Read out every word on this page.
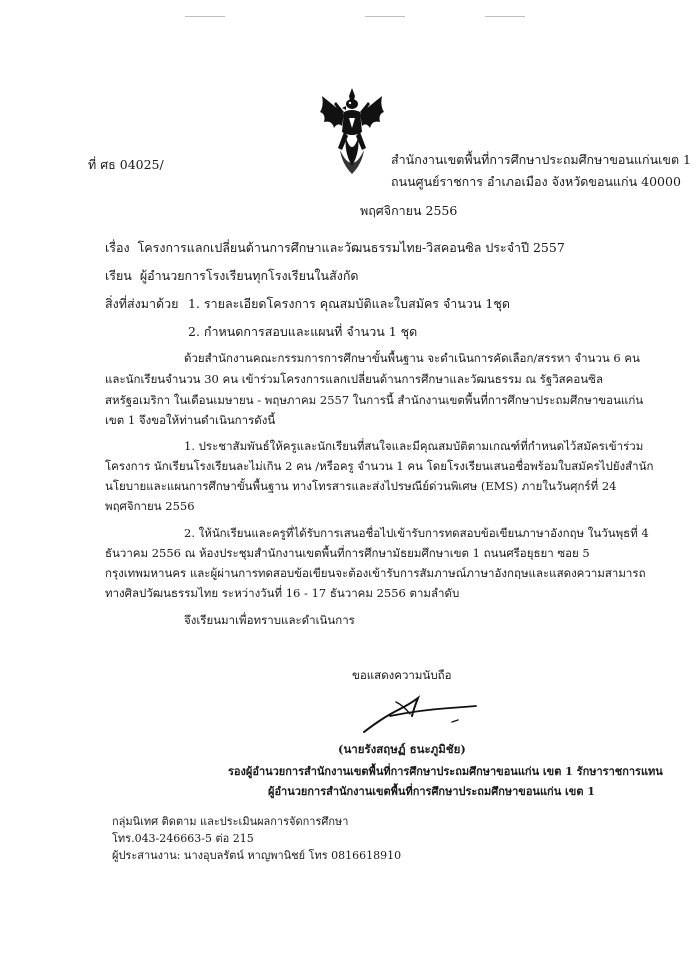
ที่ ศธ 04025/	สำนักงานเขตพื้นที่การศึกษาประถมศึกษาขอนแก่นเขต 1
ถนนศูนย์ราชการ อำเภอเมือง จังหวัดขอนแก่น 40000
พฤศจิกายน 2556
เรื่อง โครงการแลกเปลี่ยนด้านการศึกษาและวัฒนธรรมไทย-วิสคอนซิล ประจำปี 2557
เรียน ผู้อำนวยการโรงเรียนทุกโรงเรียนในสังกัด
สิ่งที่ส่งมาด้วย 1. รายละเอียดโครงการ คุณสมบัติและใบสมัคร จำนวน 1ชุด
2. กำหนดการสอบและแผนที่ จำนวน 1 ชุด
ด้วยสำนักงานคณะกรรมการการศึกษาขั้นพื้นฐาน จะดำเนินการคัดเลือก/สรรหา จำนวน 6 คน
และนักเรียนจำนวน 30 คน เข้าร่วมโครงการแลกเปลี่ยนด้านการศึกษาและวัฒนธรรม ณ รัฐวิสคอนซิล
สหรัฐอเมริกา ในเดือนเมษายน - พฤษภาคม 2557 ในการนี้ สำนักงานเขตพื้นที่การศึกษาประถมศึกษาขอนแก่น
เขต 1 จึงขอให้ท่านดำเนินการดังนี้
1. ประชาสัมพันธ์ให้ครูและนักเรียนที่สนใจและมีคุณสมบัติตามเกณฑ์ที่กำหนดไว้สมัครเข้าร่วม
โครงการ นักเรียนโรงเรียนละไม่เกิน 2 คน /หรือครู จำนวน 1 คน โดยโรงเรียนเสนอชื่อพร้อมใบสมัครไปยังสำนัก
นโยบายและแผนการศึกษาขั้นพื้นฐาน ทางโทรสารและส่งไปรษณีย์ด่วนพิเศษ (EMS) ภายในวันศุกร์ที่ 24
พฤศจิกายน 2556
2. ให้นักเรียนและครูที่ได้รับการเสนอชื่อไปเข้ารับการทดสอบข้อเขียนภาษาอังกฤษ ในวันพุธที่ 4
ธันวาคม 2556 ณ ห้องประชุมสำนักงานเขตพื้นที่การศึกษามัธยมศึกษาเขต 1 ถนนศรีอยุธยา ซอย 5
กรุงเทพมหานคร และผู้ผ่านการทดสอบข้อเขียนจะต้องเข้ารับการสัมภาษณ์ภาษาอังกฤษและแสดงความสามารถ
ทางศิลปวัฒนธรรมไทย ระหว่างวันที่ 16 - 17 ธันวาคม 2556 ตามลำดับ
จึงเรียนมาเพื่อทราบและดำเนินการ
ขอแสดงความนับถือ
(นายรังสฤษฏ์ ธนะภูมิชัย)
รองผู้อำนวยการสำนักงานเขตพื้นที่การศึกษาประถมศึกษาขอนแก่น เขต 1 รักษาราชการแทน
ผู้อำนวยการสำนักงานเขตพื้นที่การศึกษาประถมศึกษาขอนแก่น เขต 1
กลุ่มนิเทศ ติดตาม และประเมินผลการจัดการศึกษา
โทร.043-246663-5 ต่อ 215
ผู้ประสานงาน: นางอุบลรัตน์ หาญพานิชย์ โทร 0816618910
